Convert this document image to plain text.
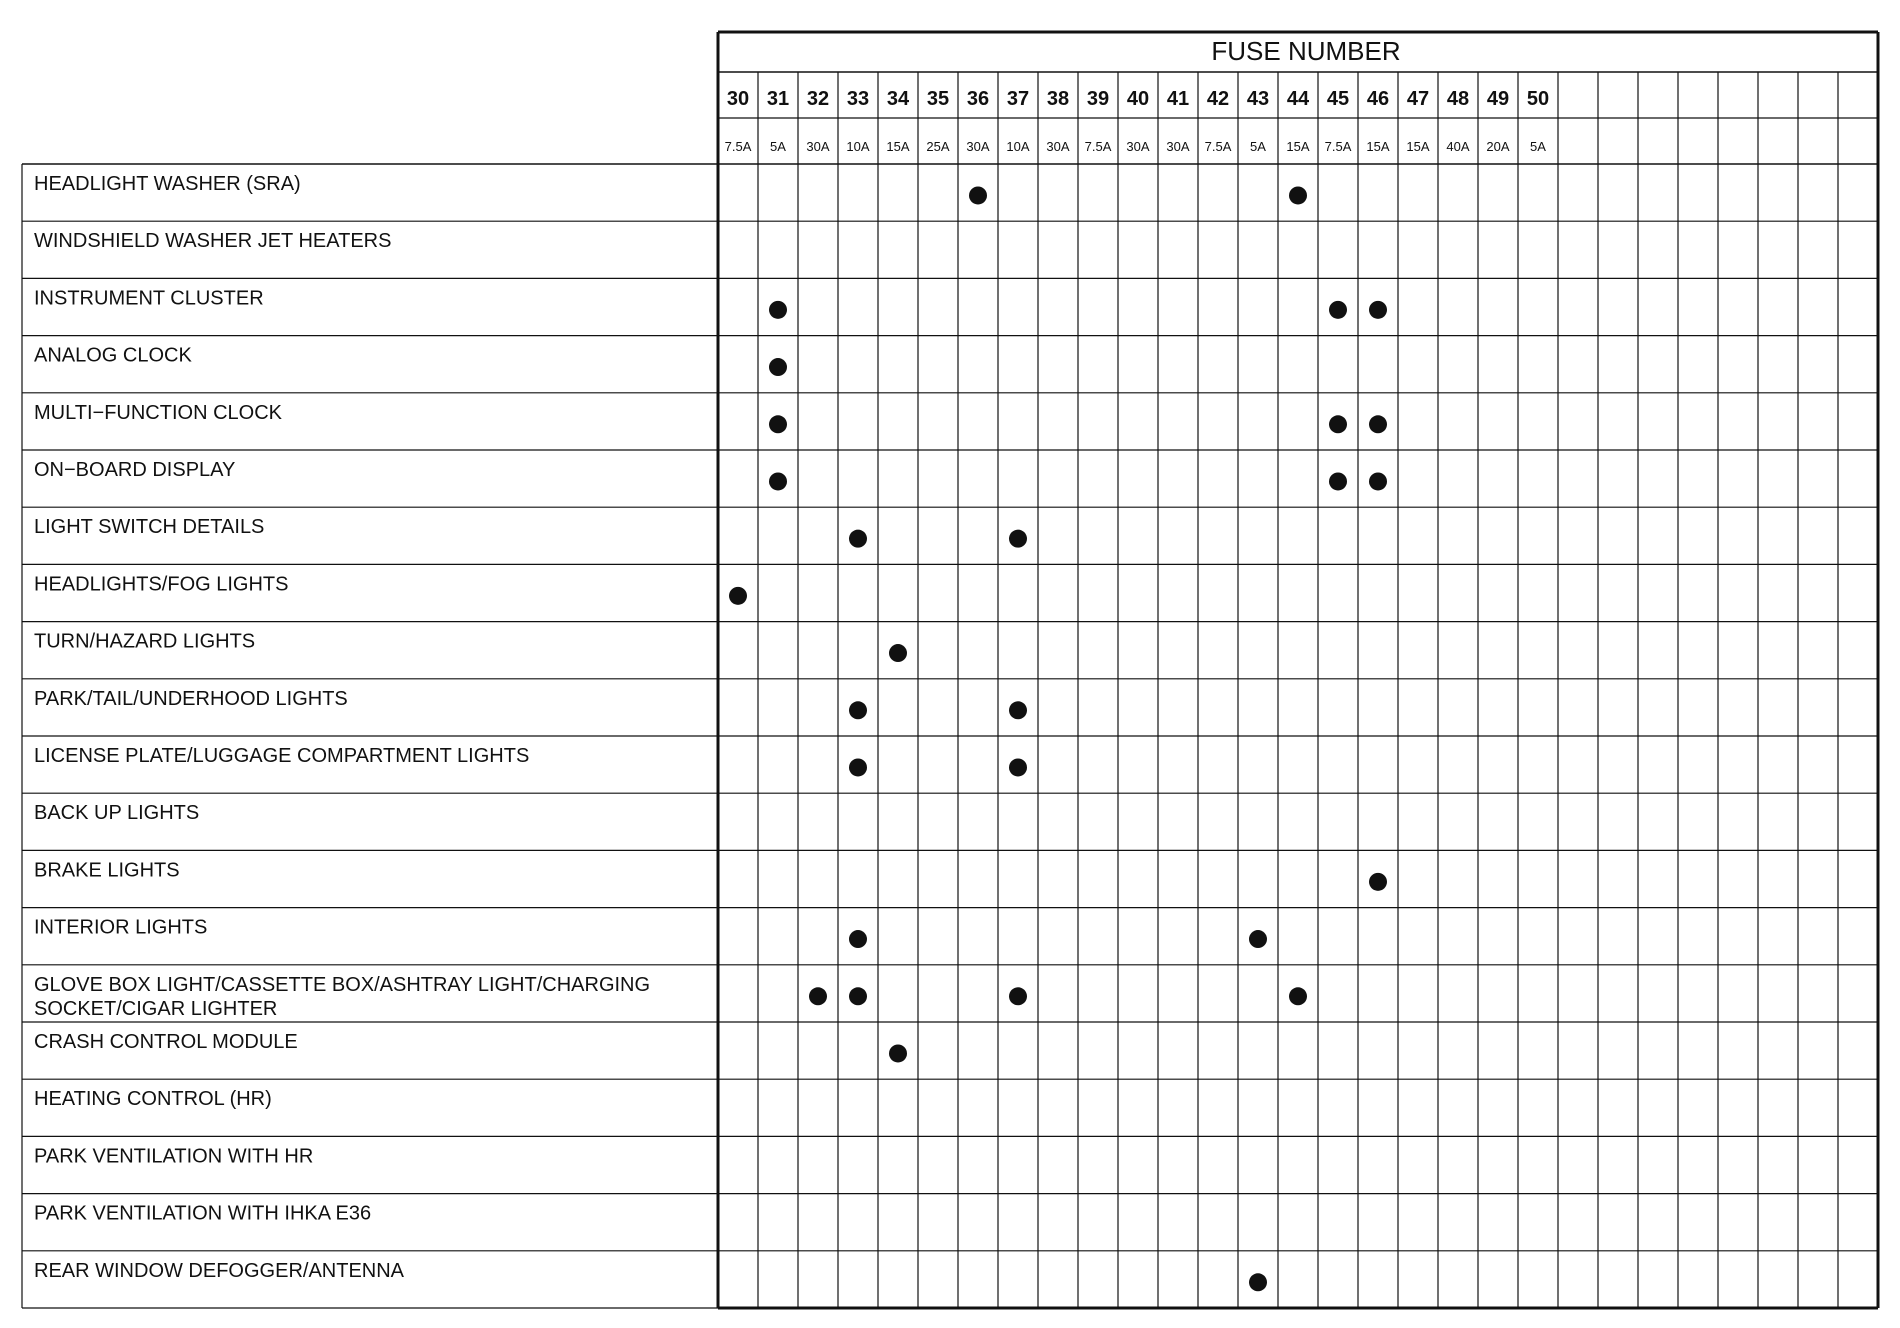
FUSE NUMBER
30
7.5A
31
5A
32
30A
33
10A
34
15A
35
25A
36
30A
37
10A
38
30A
39
7.5A
40
30A
41
30A
42
7.5A
43
5A
44
15A
45
7.5A
46
15A
47
15A
48
40A
49
20A
50
5A
HEADLIGHT WASHER (SRA)
WINDSHIELD WASHER JET HEATERS
INSTRUMENT CLUSTER
ANALOG CLOCK
MULTI−FUNCTION CLOCK
ON−BOARD DISPLAY
LIGHT SWITCH DETAILS
HEADLIGHTS/FOG LIGHTS
TURN/HAZARD LIGHTS
PARK/TAIL/UNDERHOOD LIGHTS
LICENSE PLATE/LUGGAGE COMPARTMENT LIGHTS
BACK UP LIGHTS
BRAKE LIGHTS
INTERIOR LIGHTS
GLOVE BOX LIGHT/CASSETTE BOX/ASHTRAY LIGHT/CHARGING
SOCKET/CIGAR LIGHTER
CRASH CONTROL MODULE
HEATING CONTROL (HR)
PARK VENTILATION WITH HR
PARK VENTILATION WITH IHKA E36
REAR WINDOW DEFOGGER/ANTENNA
